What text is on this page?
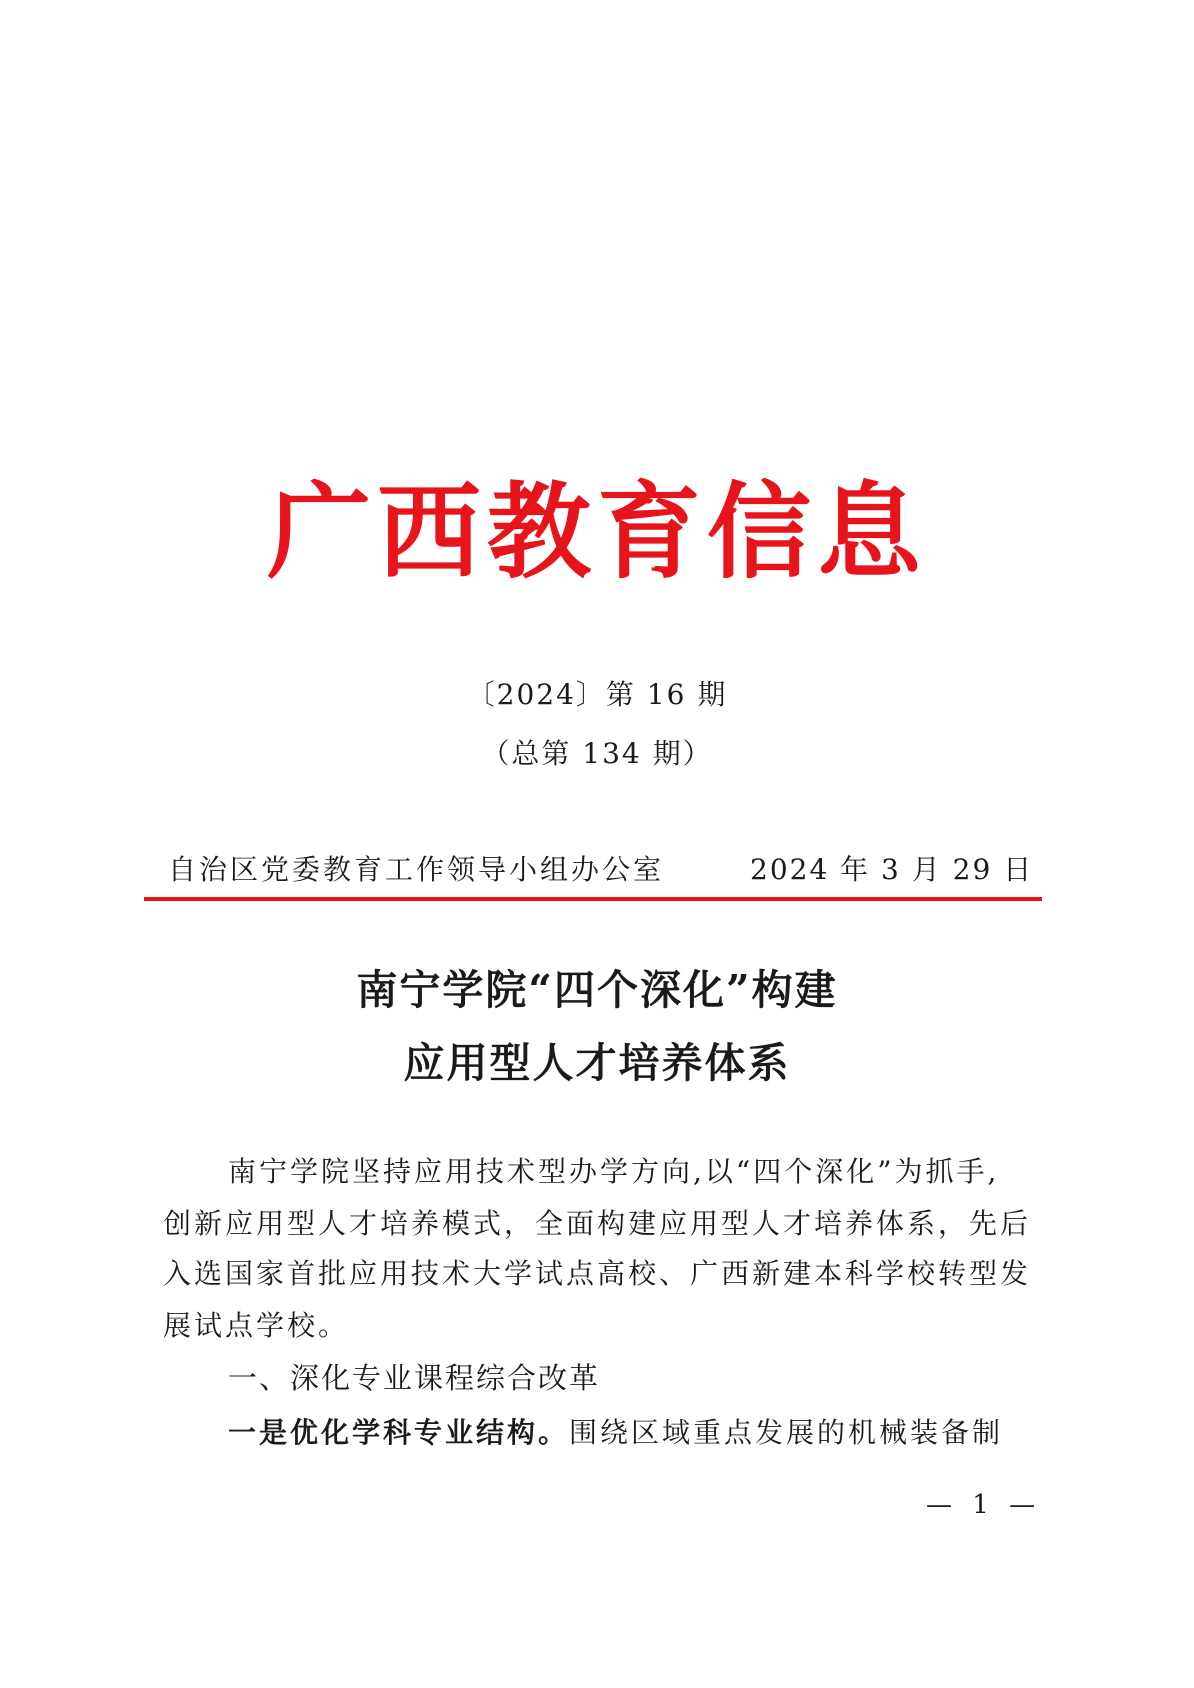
广西教育信息
〔2024〕第 16 期
（总第 134 期）
自治区党委教育工作领导小组办公室	2024 年 3 月 29 日
南宁学院“四个深化”构建
应用型人才培养体系
南宁学院坚持应用技术型办学方向,以“四个深化”为抓手,
创新应用型人才培养模式，全面构建应用型人才培养体系，先后
入选国家首批应用技术大学试点高校、广西新建本科学校转型发
展试点学校。
一、深化专业课程综合改革
一是优化学科专业结构。围绕区域重点发展的机械装备制
— 1 —
